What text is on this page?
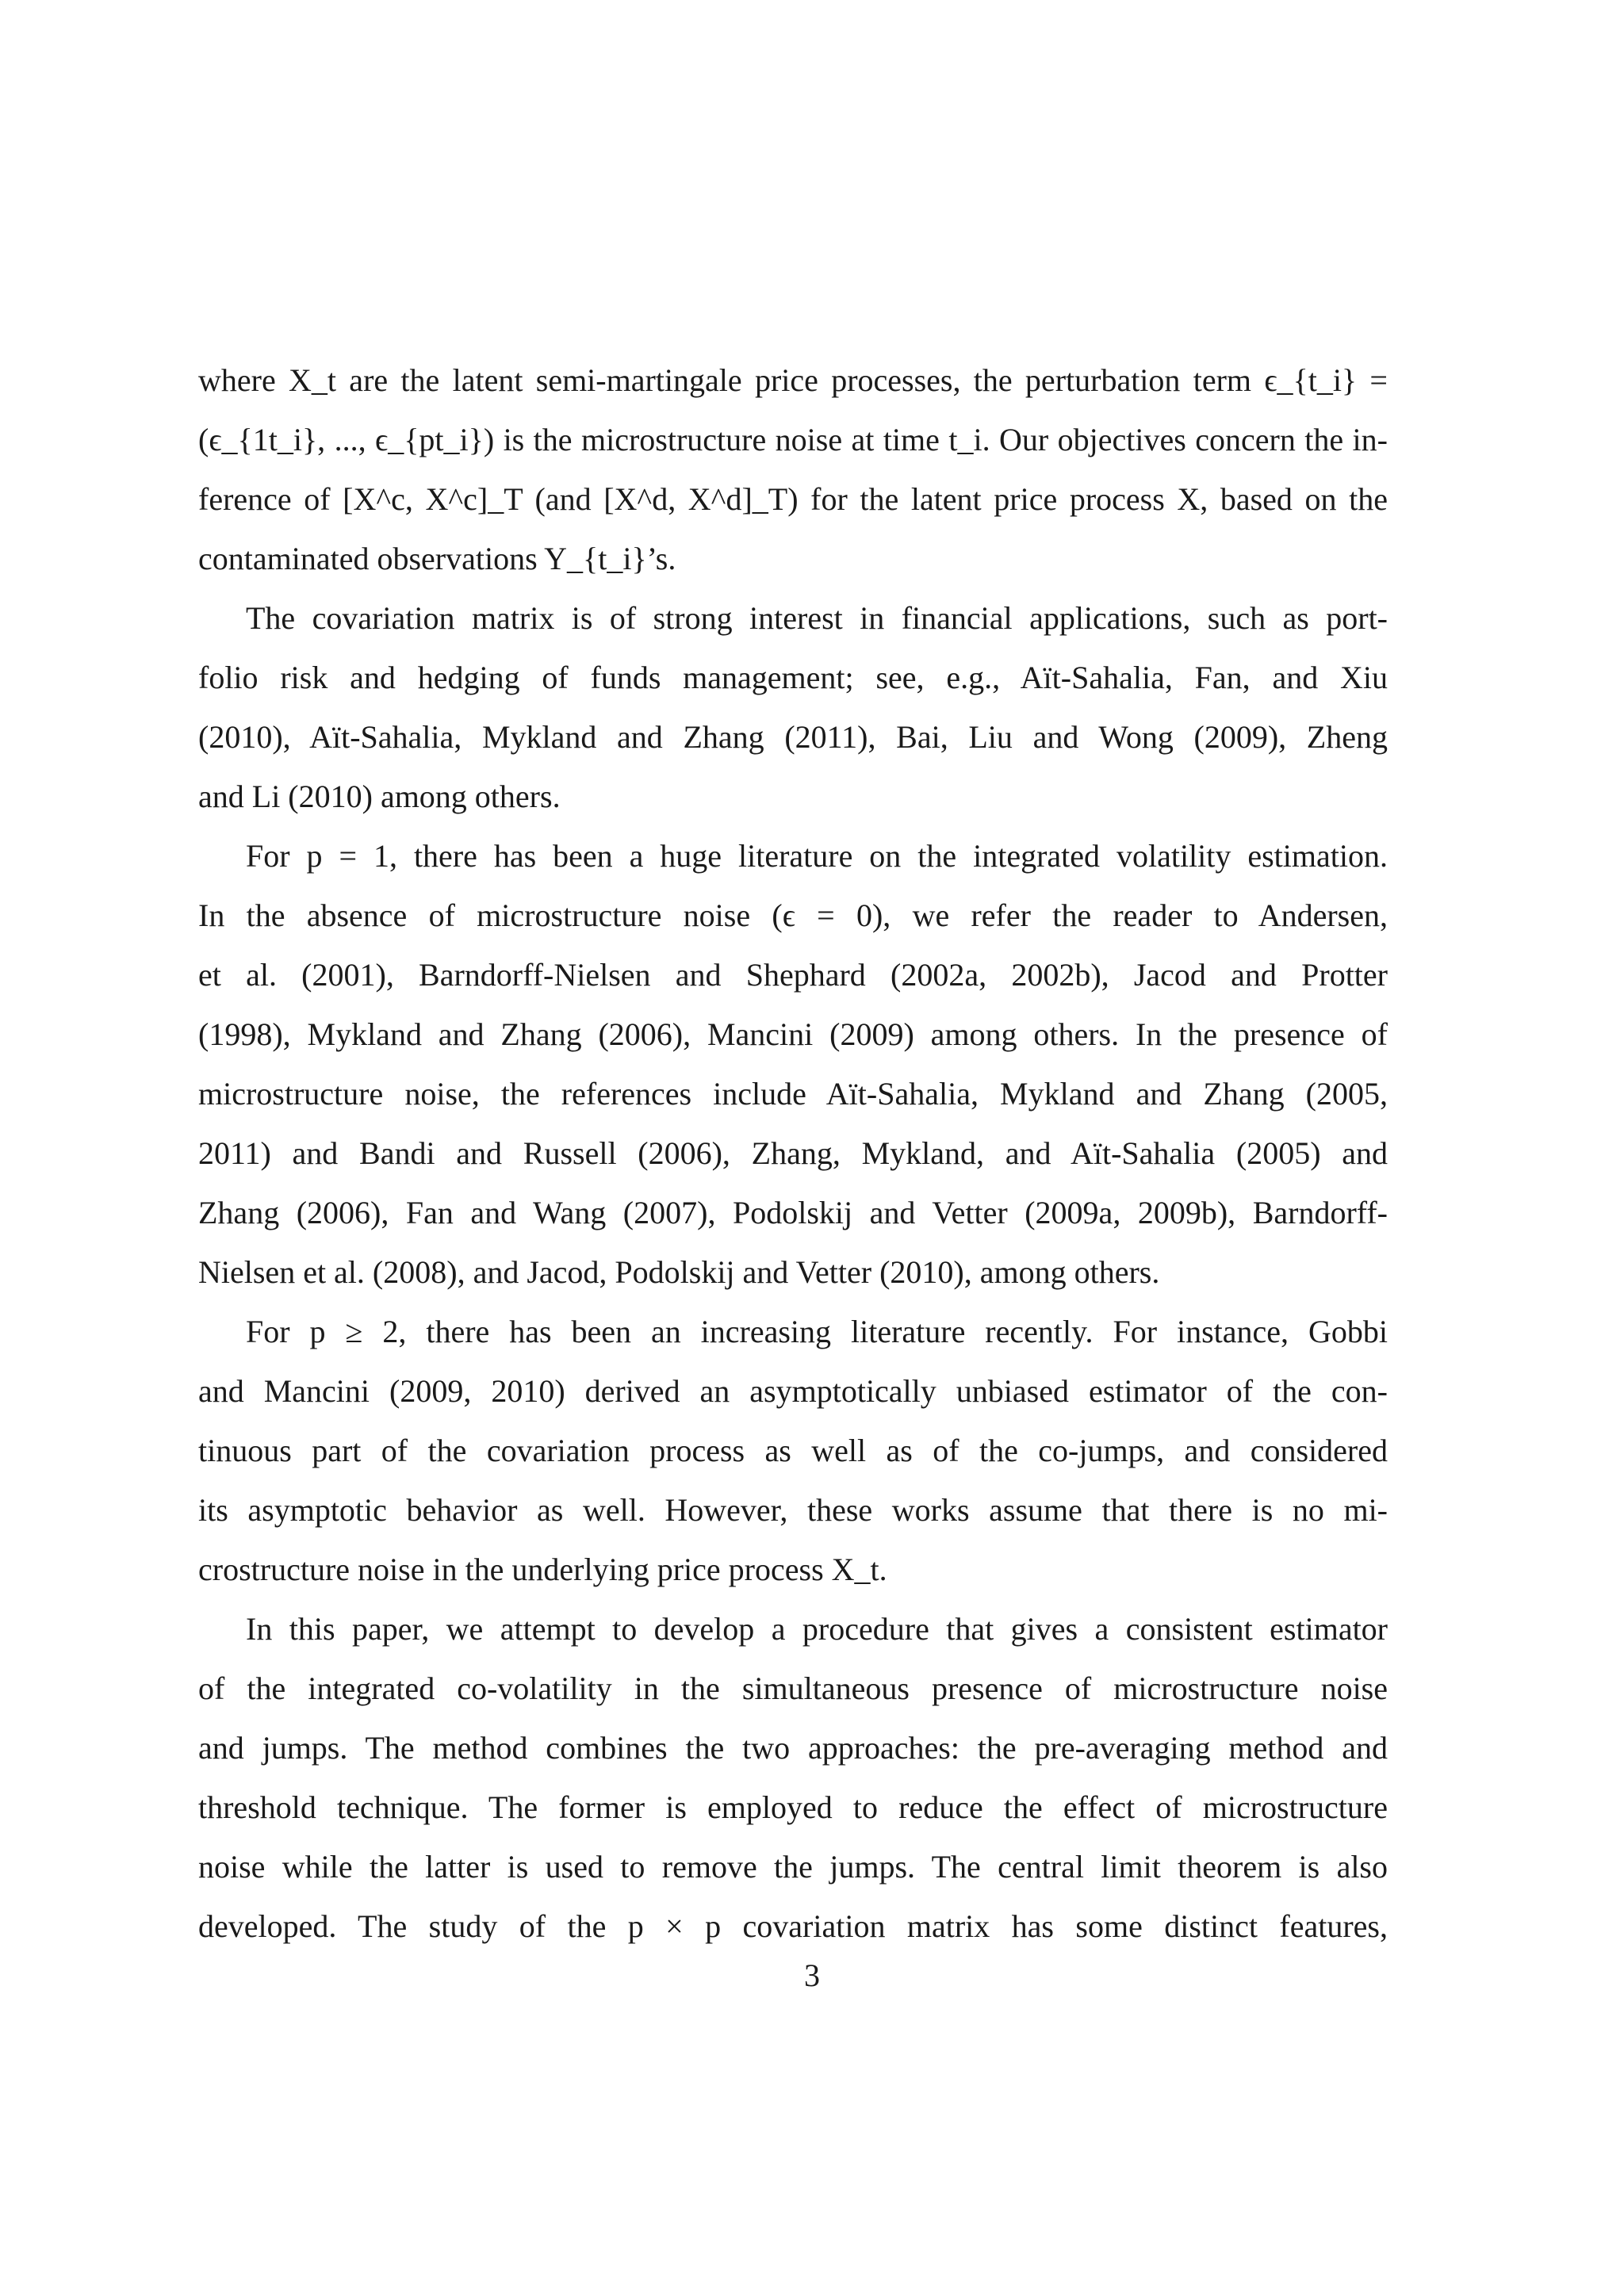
where X_t are the latent semi-martingale price processes, the perturbation term ϵ_{t_i} =
(ϵ_{1t_i}, ..., ϵ_{pt_i}) is the microstructure noise at time t_i. Our objectives concern the in-
ference of [X^c, X^c]_T (and [X^d, X^d]_T) for the latent price process X, based on the
contaminated observations Y_{t_i}’s.
The covariation matrix is of strong interest in financial applications, such as port-
folio risk and hedging of funds management; see, e.g., Aït-Sahalia, Fan, and Xiu
(2010), Aït-Sahalia, Mykland and Zhang (2011), Bai, Liu and Wong (2009), Zheng
and Li (2010) among others.
For p = 1, there has been a huge literature on the integrated volatility estimation.
In the absence of microstructure noise (ϵ = 0), we refer the reader to Andersen,
et al. (2001), Barndorff-Nielsen and Shephard (2002a, 2002b), Jacod and Protter
(1998), Mykland and Zhang (2006), Mancini (2009) among others. In the presence of
microstructure noise, the references include Aït-Sahalia, Mykland and Zhang (2005,
2011) and Bandi and Russell (2006), Zhang, Mykland, and Aït-Sahalia (2005) and
Zhang (2006), Fan and Wang (2007), Podolskij and Vetter (2009a, 2009b), Barndorff-
Nielsen et al. (2008), and Jacod, Podolskij and Vetter (2010), among others.
For p ≥ 2, there has been an increasing literature recently. For instance, Gobbi
and Mancini (2009, 2010) derived an asymptotically unbiased estimator of the con-
tinuous part of the covariation process as well as of the co-jumps, and considered
its asymptotic behavior as well. However, these works assume that there is no mi-
crostructure noise in the underlying price process X_t.
In this paper, we attempt to develop a procedure that gives a consistent estimator
of the integrated co-volatility in the simultaneous presence of microstructure noise
and jumps. The method combines the two approaches: the pre-averaging method and
threshold technique. The former is employed to reduce the effect of microstructure
noise while the latter is used to remove the jumps. The central limit theorem is also
developed. The study of the p × p covariation matrix has some distinct features,
3
